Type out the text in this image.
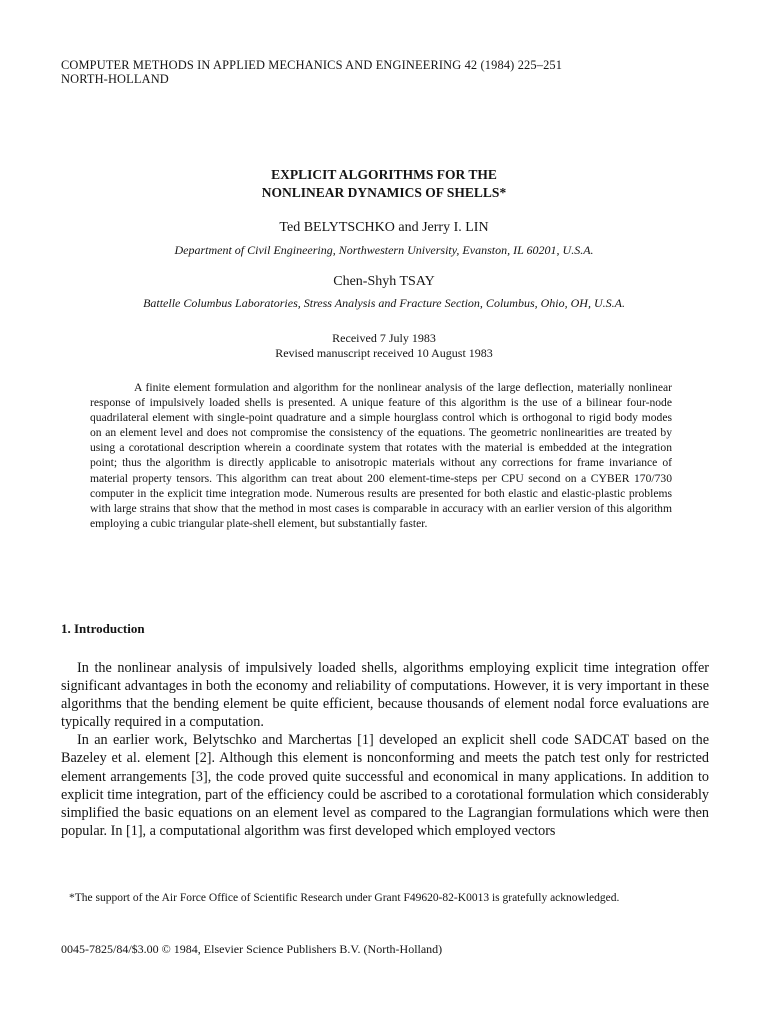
COMPUTER METHODS IN APPLIED MECHANICS AND ENGINEERING 42 (1984) 225–251
NORTH-HOLLAND
EXPLICIT ALGORITHMS FOR THE
NONLINEAR DYNAMICS OF SHELLS*
Ted BELYTSCHKO and Jerry I. LIN
Department of Civil Engineering, Northwestern University, Evanston, IL 60201, U.S.A.
Chen-Shyh TSAY
Battelle Columbus Laboratories, Stress Analysis and Fracture Section, Columbus, Ohio, OH, U.S.A.
Received 7 July 1983
Revised manuscript received 10 August 1983
A finite element formulation and algorithm for the nonlinear analysis of the large deflection, materially nonlinear response of impulsively loaded shells is presented. A unique feature of this algorithm is the use of a bilinear four-node quadrilateral element with single-point quadrature and a simple hourglass control which is orthogonal to rigid body modes on an element level and does not compromise the consistency of the equations. The geometric nonlinearities are treated by using a corotational description wherein a coordinate system that rotates with the material is embedded at the integration point; thus the algorithm is directly applicable to anisotropic materials without any corrections for frame invariance of material property tensors. This algorithm can treat about 200 element-time-steps per CPU second on a CYBER 170/730 computer in the explicit time integration mode. Numerous results are presented for both elastic and elastic-plastic problems with large strains that show that the method in most cases is comparable in accuracy with an earlier version of this algorithm employing a cubic triangular plate-shell element, but substantially faster.
1. Introduction

In the nonlinear analysis of impulsively loaded shells, algorithms employing explicit time integration offer significant advantages in both the economy and reliability of computations. However, it is very important in these algorithms that the bending element be quite efficient, because thousands of element nodal force evaluations are typically required in a computation.

In an earlier work, Belytschko and Marchertas [1] developed an explicit shell code SADCAT based on the Bazeley et al. element [2]. Although this element is nonconforming and meets the patch test only for restricted element arrangements [3], the code proved quite successful and economical in many applications. In addition to explicit time integration, part of the efficiency could be ascribed to a corotational formulation which considerably simplified the basic equations on an element level as compared to the Lagrangian formulations which were then popular. In [1], a computational algorithm was first developed which employed vectors

*The support of the Air Force Office of Scientific Research under Grant F49620-82-K0013 is gratefully acknowledged.
0045-7825/84/$3.00 © 1984, Elsevier Science Publishers B.V. (North-Holland)
